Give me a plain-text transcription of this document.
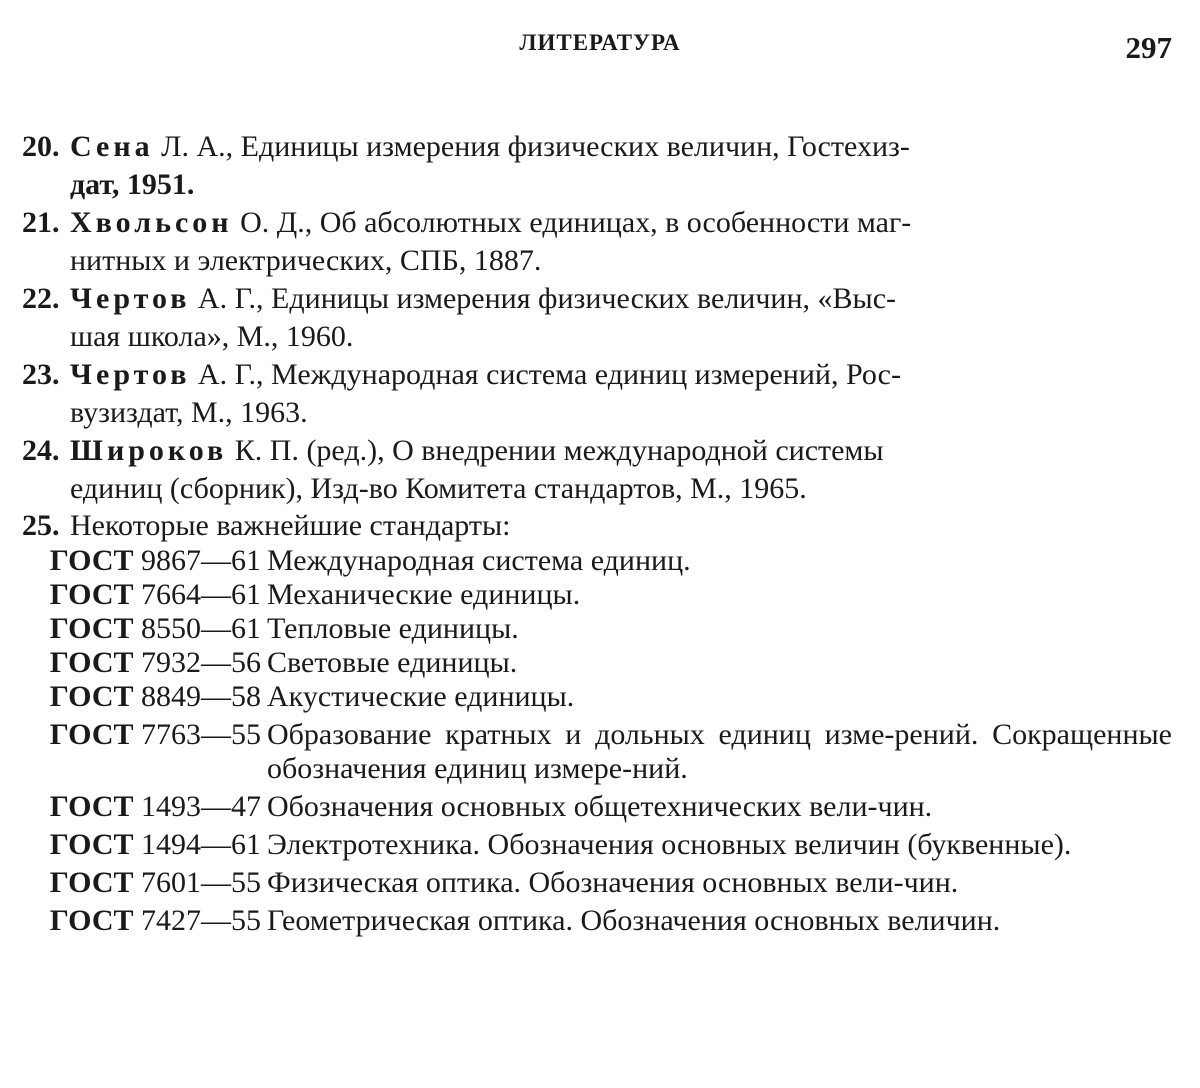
ЛИТЕРАТУРА	297

20. Сена Л. А., Единицы измерения физических величин, Гостехиз-
дат, 1951.

21. Хвольсон О. Д., Об абсолютных единицах, в особенности маг-
нитных и электрических, СПБ, 1887.

22. Чертов А. Г., Единицы измерения физических величин, «Выс-
шая школа», М., 1960.

23. Чертов А. Г., Международная система единиц измерений, Рос-
вузиздат, М., 1963.

24. Широков К. П. (ред.), О внедрении международной системы
единиц (сборник), Изд-во Комитета стандартов, М., 1965.

25. Некоторые важнейшие стандарты:
ГОСТ 9867—61 Международная система единиц.
ГОСТ 7664—61 Механические единицы.
ГОСТ 8550—61 Тепловые единицы.
ГОСТ 7932—56 Световые единицы.
ГОСТ 8849—58 Акустические единицы.
ГОСТ 7763—55 Образование кратных и дольных единиц изме-рений. Сокращенные обозначения единиц измере-ний.
ГОСТ 1493—47 Обозначения основных общетехнических вели-чин.
ГОСТ 1494—61 Электротехника. Обозначения основных величин (буквенные).
ГОСТ 7601—55 Физическая оптика. Обозначения основных вели-чин.
ГОСТ 7427—55 Геометрическая оптика. Обозначения основных величин.
